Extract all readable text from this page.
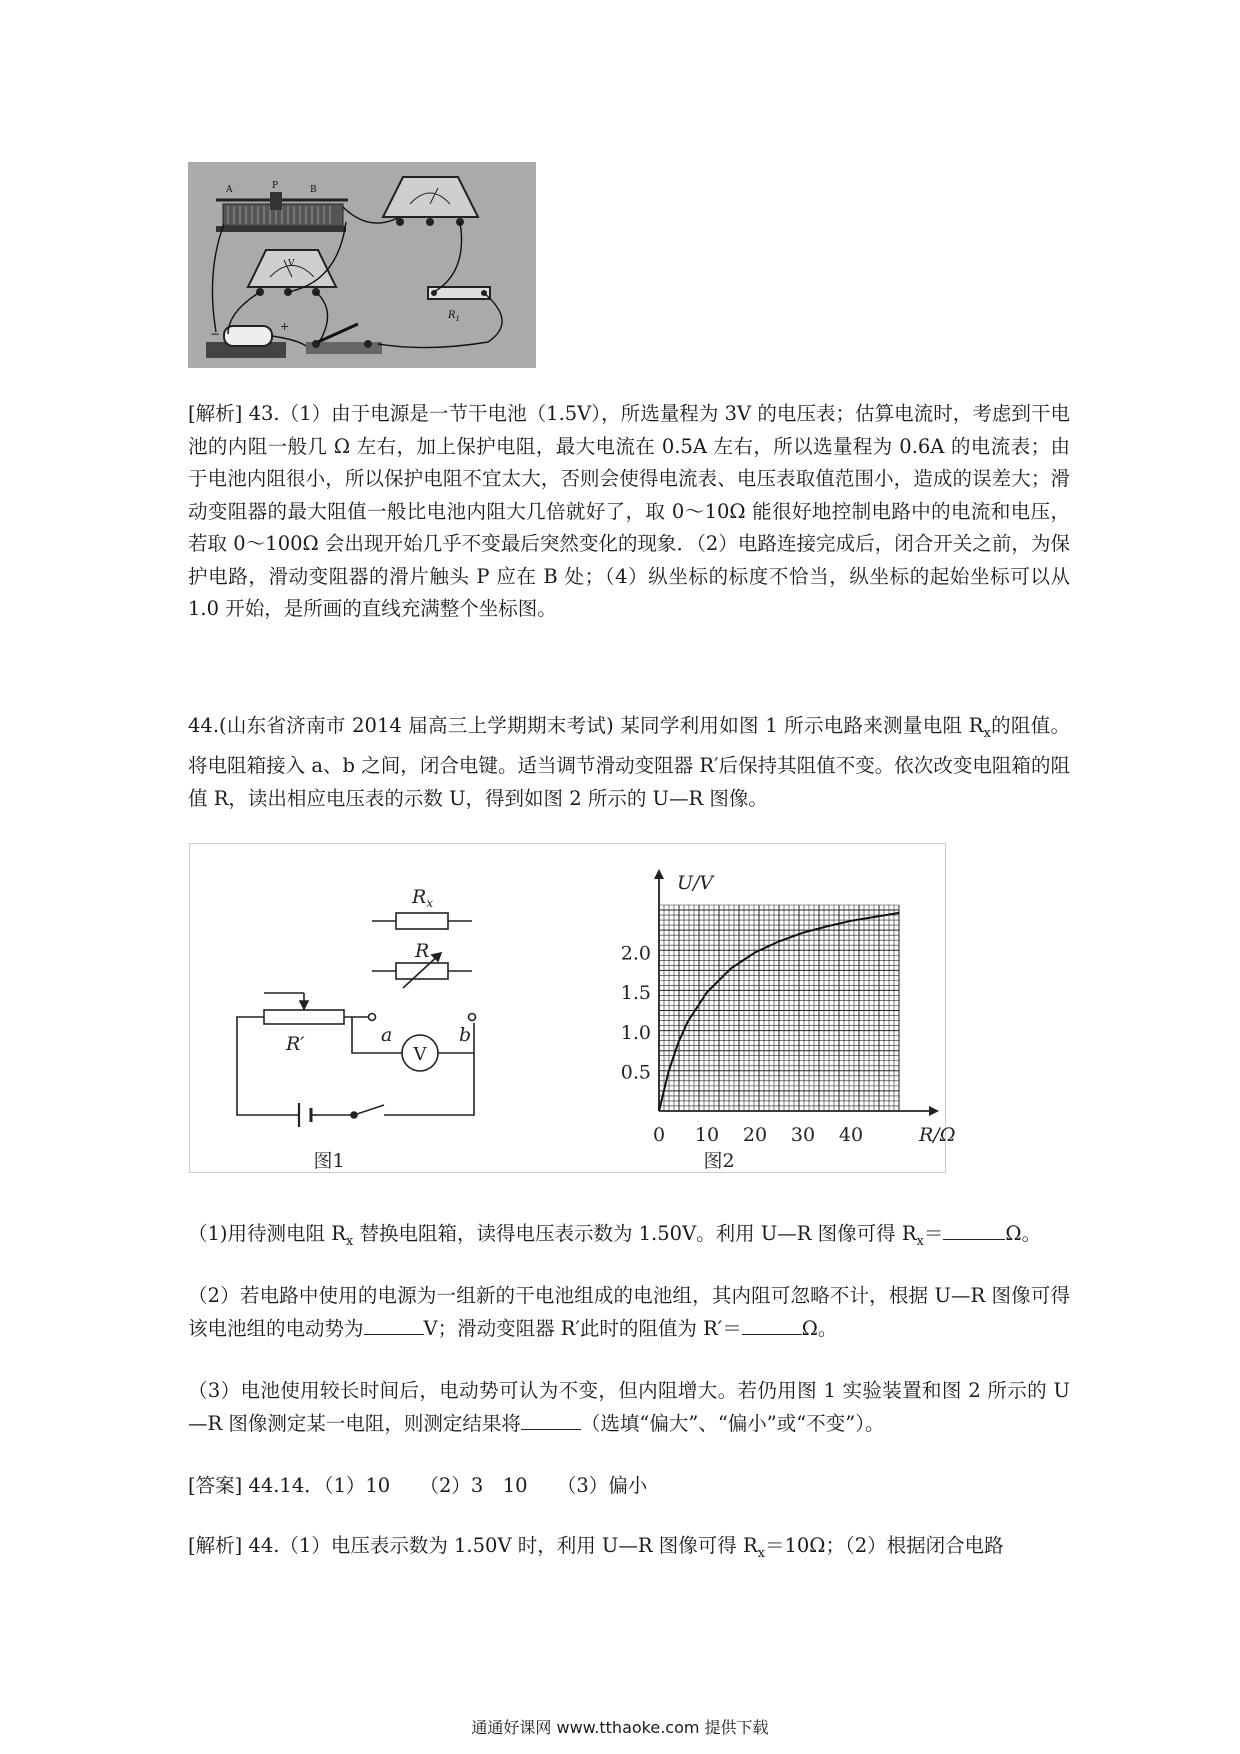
A	P	B
V
$R_1$
−
+

[解析] 43.（1）由于电源是一节干电池（1.5V），所选量程为 3V 的电压表；估算电流时，考虑到干电池的内阻一般几 Ω 左右，加上保护电阻，最大电流在 0.5A 左右，所以选量程为 0.6A 的电流表；由于电池内阻很小，所以保护电阻不宜太大，否则会使得电流表、电压表取值范围小，造成的误差大；滑动变阻器的最大阻值一般比电池内阻大几倍就好了，取 0～10Ω 能很好地控制电路中的电流和电压，若取 0～100Ω 会出现开始几乎不变最后突然变化的现象．（2）电路连接完成后，闭合开关之前，为保护电路，滑动变阻器的滑片触头 P 应在 B 处；（4）纵坐标的标度不恰当，纵坐标的起始坐标可以从 1.0 开始，是所画的直线充满整个坐标图。

44.(山东省济南市 2014 届高三上学期期末考试) 某同学利用如图 1 所示电路来测量电阻 $R_x$的阻值。将电阻箱接入 a、b 之间，闭合电键。适当调节滑动变阻器 R′后保持其阻值不变。依次改变电阻箱的阻值 R，读出相应电压表的示数 U，得到如图 2 所示的 U—R 图像。

$R_x$
R
R′	a	b
V
图1
U/V
R/Ω
0 10 20 30 40
0.5
1.0
1.5
2.0
图2

（1)用待测电阻 $R_x$ 替换电阻箱，读得电压表示数为 1.50V。利用 U—R 图像可得 $R_x=$	Ω。

（2）若电路中使用的电源为一组新的干电池组成的电池组，其内阻可忽略不计，根据 U—R 图像可得该电池组的电动势为	V；滑动变阻器 R′此时的阻值为 R′＝	Ω。

（3）电池使用较长时间后，电动势可认为不变，但内阻增大。若仍用图 1 实验装置和图 2 所示的 U—R 图像测定某一电阻，则测定结果将	（选填“偏大”、“偏小”或“不变”）。

[答案] 44.14．（1）10　　（2）3　10　　（3）偏小

[解析] 44.（1）电压表示数为 1.50V 时，利用 U—R 图像可得 $R_x=10\Omega$；（2）根据闭合电路

通通好课网 www.tthaoke.com 提供下载
